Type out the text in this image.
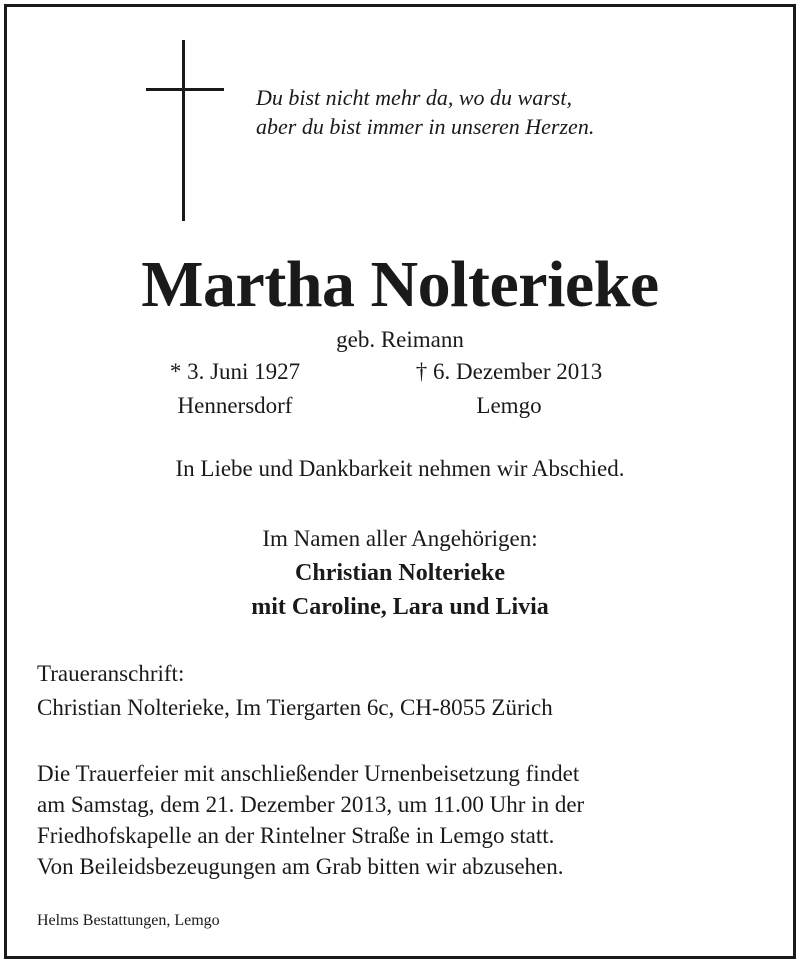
Du bist nicht mehr da, wo du warst,
aber du bist immer in unseren Herzen.
Martha Nolterieke
geb. Reimann
* 3. Juni 1927
Hennersdorf
† 6. Dezember 2013
Lemgo
In Liebe und Dankbarkeit nehmen wir Abschied.
Im Namen aller Angehörigen:
Christian Nolterieke
mit Caroline, Lara und Livia
Traueranschrift:
Christian Nolterieke, Im Tiergarten 6c, CH-8055 Zürich
Die Trauerfeier mit anschließender Urnenbeisetzung findet
am Samstag, dem 21. Dezember 2013, um 11.00 Uhr in der
Friedhofskapelle an der Rintelner Straße in Lemgo statt.
Von Beileidsbezeugungen am Grab bitten wir abzusehen.
Helms Bestattungen, Lemgo
